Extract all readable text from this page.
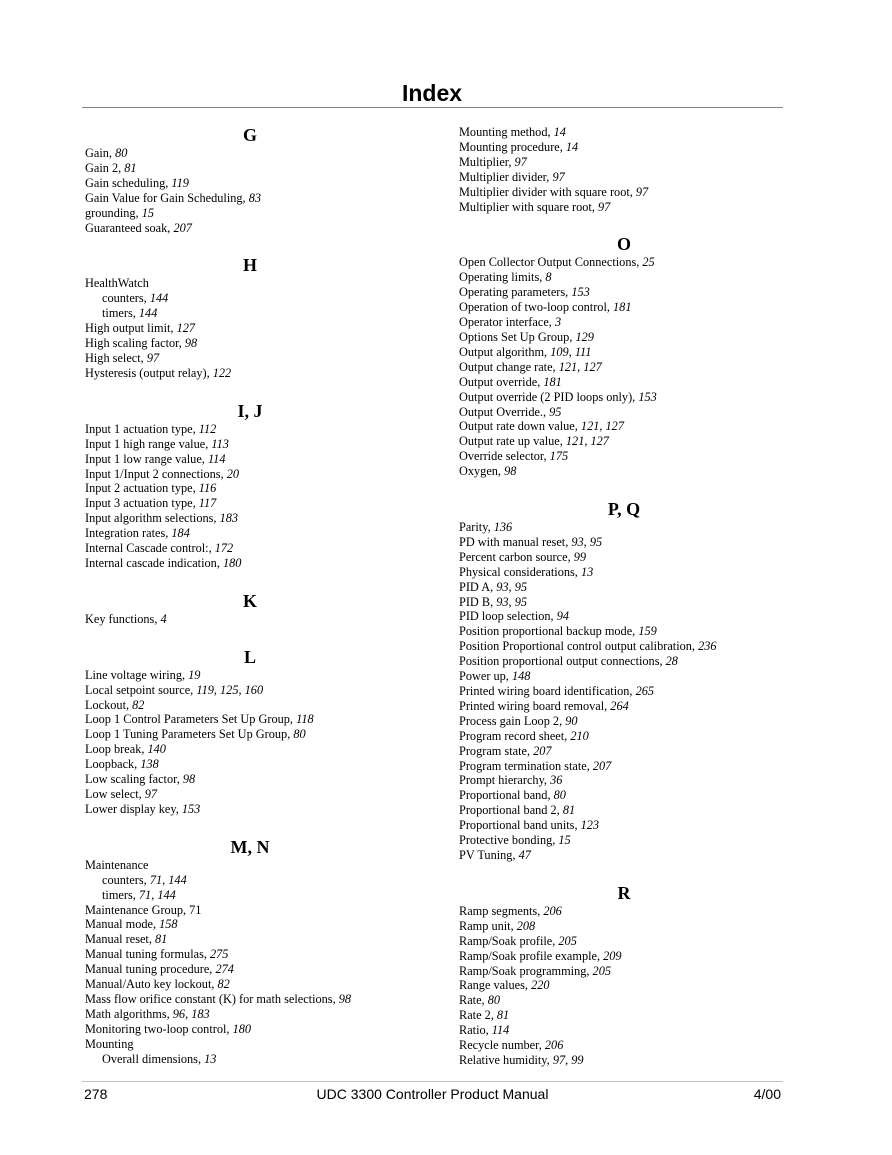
Index
G
Gain, 80
Gain 2, 81
Gain scheduling, 119
Gain Value for Gain Scheduling, 83
grounding, 15
Guaranteed soak, 207
H
HealthWatch
counters, 144
timers, 144
High output limit, 127
High scaling factor, 98
High select, 97
Hysteresis (output relay), 122
I, J
Input 1 actuation type, 112
Input 1 high range value, 113
Input 1 low range value, 114
Input 1/Input 2 connections, 20
Input 2 actuation type, 116
Input 3 actuation type, 117
Input algorithm selections, 183
Integration rates, 184
Internal Cascade control:, 172
Internal cascade indication, 180
K
Key functions, 4
L
Line voltage wiring, 19
Local setpoint source, 119, 125, 160
Lockout, 82
Loop 1 Control Parameters Set Up Group, 118
Loop 1 Tuning Parameters Set Up Group, 80
Loop break, 140
Loopback, 138
Low scaling factor, 98
Low select, 97
Lower display key, 153
M, N
Maintenance
counters, 71, 144
timers, 71, 144
Maintenance Group, 71
Manual mode, 158
Manual reset, 81
Manual tuning formulas, 275
Manual tuning procedure, 274
Manual/Auto key lockout, 82
Mass flow orifice constant (K) for math selections, 98
Math algorithms, 96, 183
Monitoring two-loop control, 180
Mounting
Overall dimensions, 13
Mounting method, 14
Mounting procedure, 14
Multiplier, 97
Multiplier divider, 97
Multiplier divider with square root, 97
Multiplier with square root, 97
O
Open Collector Output Connections, 25
Operating limits, 8
Operating parameters, 153
Operation of two-loop control, 181
Operator interface, 3
Options Set Up Group, 129
Output algorithm, 109, 111
Output change rate, 121, 127
Output override, 181
Output override (2 PID loops only), 153
Output Override., 95
Output rate down value, 121, 127
Output rate up value, 121, 127
Override selector, 175
Oxygen, 98
P, Q
Parity, 136
PD with manual reset, 93, 95
Percent carbon source, 99
Physical considerations, 13
PID A, 93, 95
PID B, 93, 95
PID loop selection, 94
Position proportional backup mode, 159
Position Proportional control output calibration, 236
Position proportional output connections, 28
Power up, 148
Printed wiring board identification, 265
Printed wiring board removal, 264
Process gain Loop 2, 90
Program record sheet, 210
Program state, 207
Program termination state, 207
Prompt hierarchy, 36
Proportional band, 80
Proportional band 2, 81
Proportional band units, 123
Protective bonding, 15
PV Tuning, 47
R
Ramp segments, 206
Ramp unit, 208
Ramp/Soak profile, 205
Ramp/Soak profile example, 209
Ramp/Soak programming, 205
Range values, 220
Rate, 80
Rate 2, 81
Ratio, 114
Recycle number, 206
Relative humidity, 97, 99
278	UDC 3300 Controller Product Manual	4/00
